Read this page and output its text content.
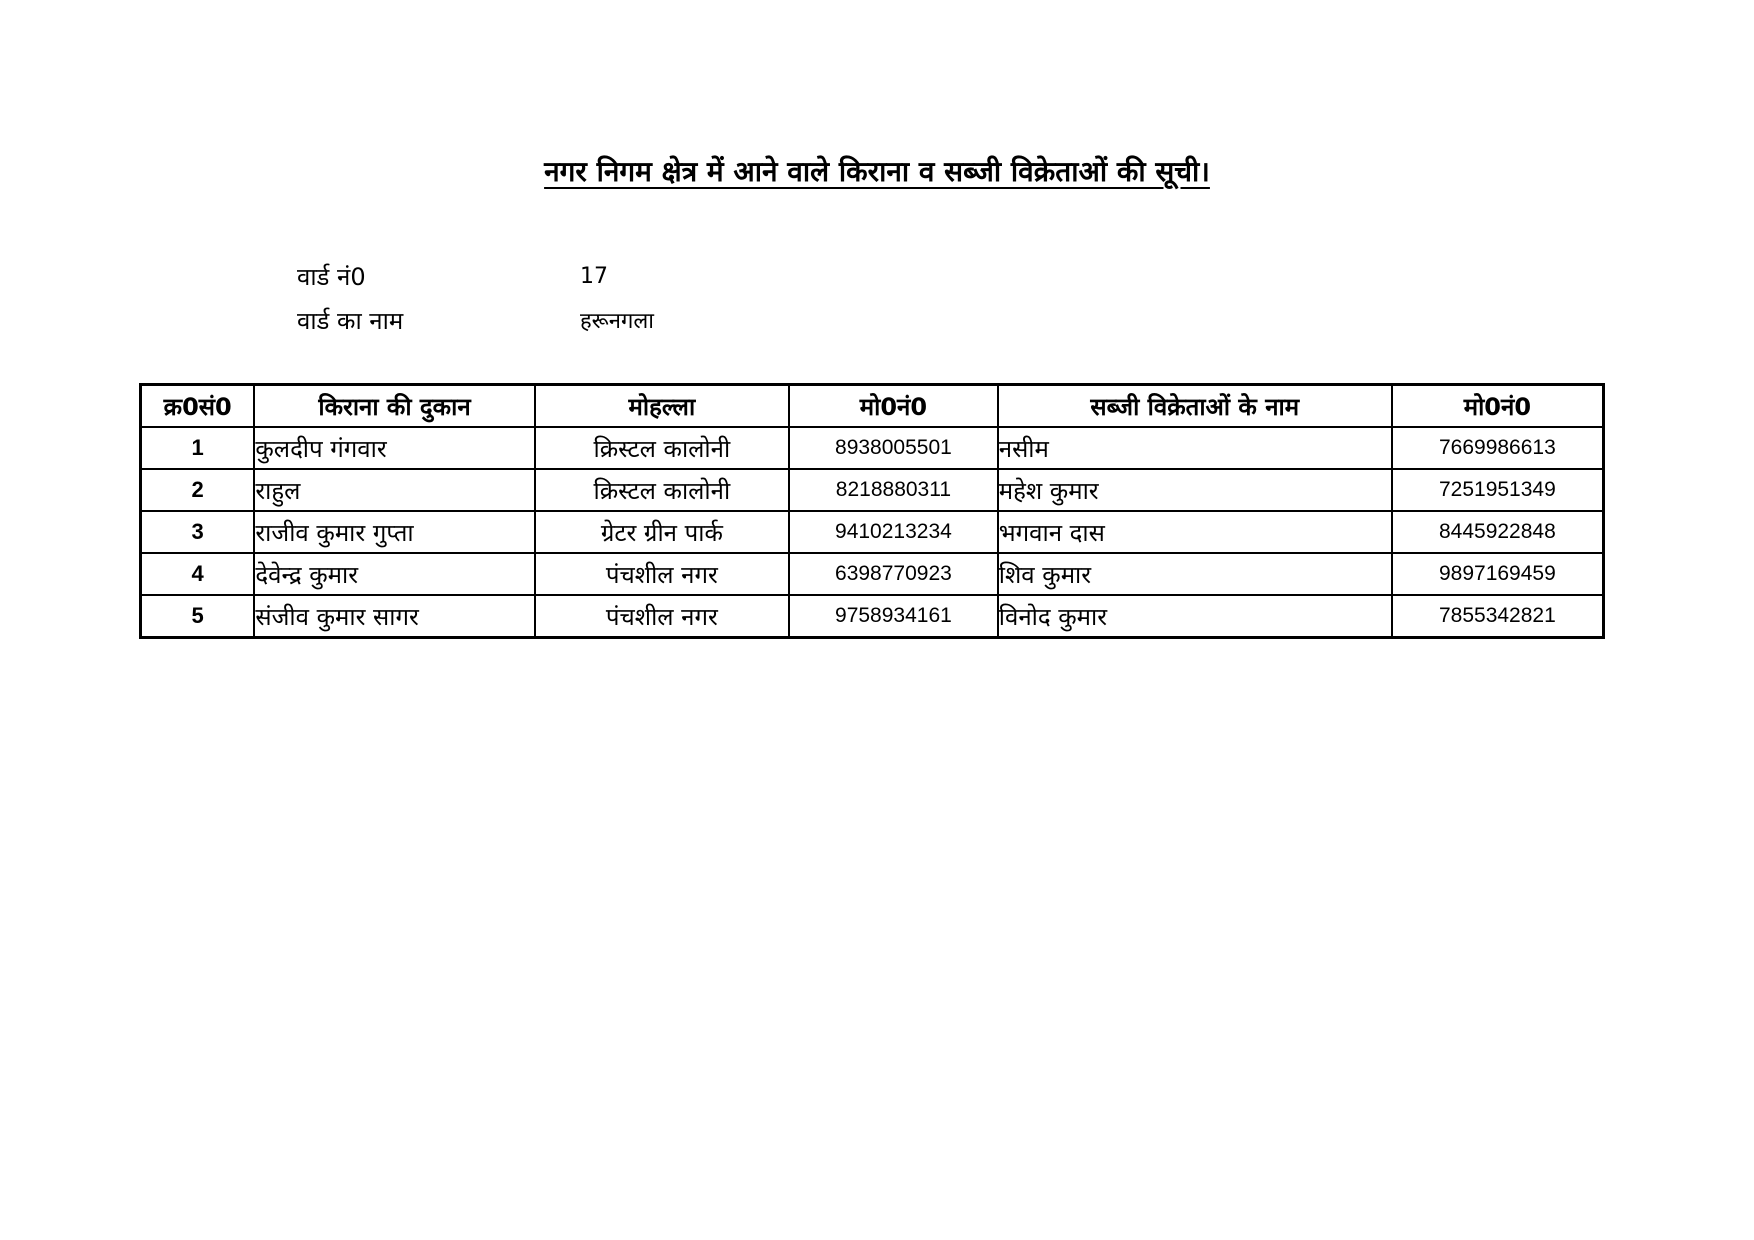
नगर निगम क्षेत्र में आने वाले किराना व सब्जी विक्रेताओं की सूची।
वार्ड नं0	17
वार्ड का नाम	हरूनगला
क्र0सं0	किराना की दुकान	मोहल्ला	मो0नं0	सब्जी विक्रेताओं के नाम	मो0नं0
1	कुलदीप गंगवार	क्रिस्टल कालोनी	8938005501	नसीम	7669986613
2	राहुल	क्रिस्टल कालोनी	8218880311	महेश कुमार	7251951349
3	राजीव कुमार गुप्ता	ग्रेटर ग्रीन पार्क	9410213234	भगवान दास	8445922848
4	देवेन्द्र कुमार	पंचशील नगर	6398770923	शिव कुमार	9897169459
5	संजीव कुमार सागर	पंचशील नगर	9758934161	विनोद कुमार	7855342821
